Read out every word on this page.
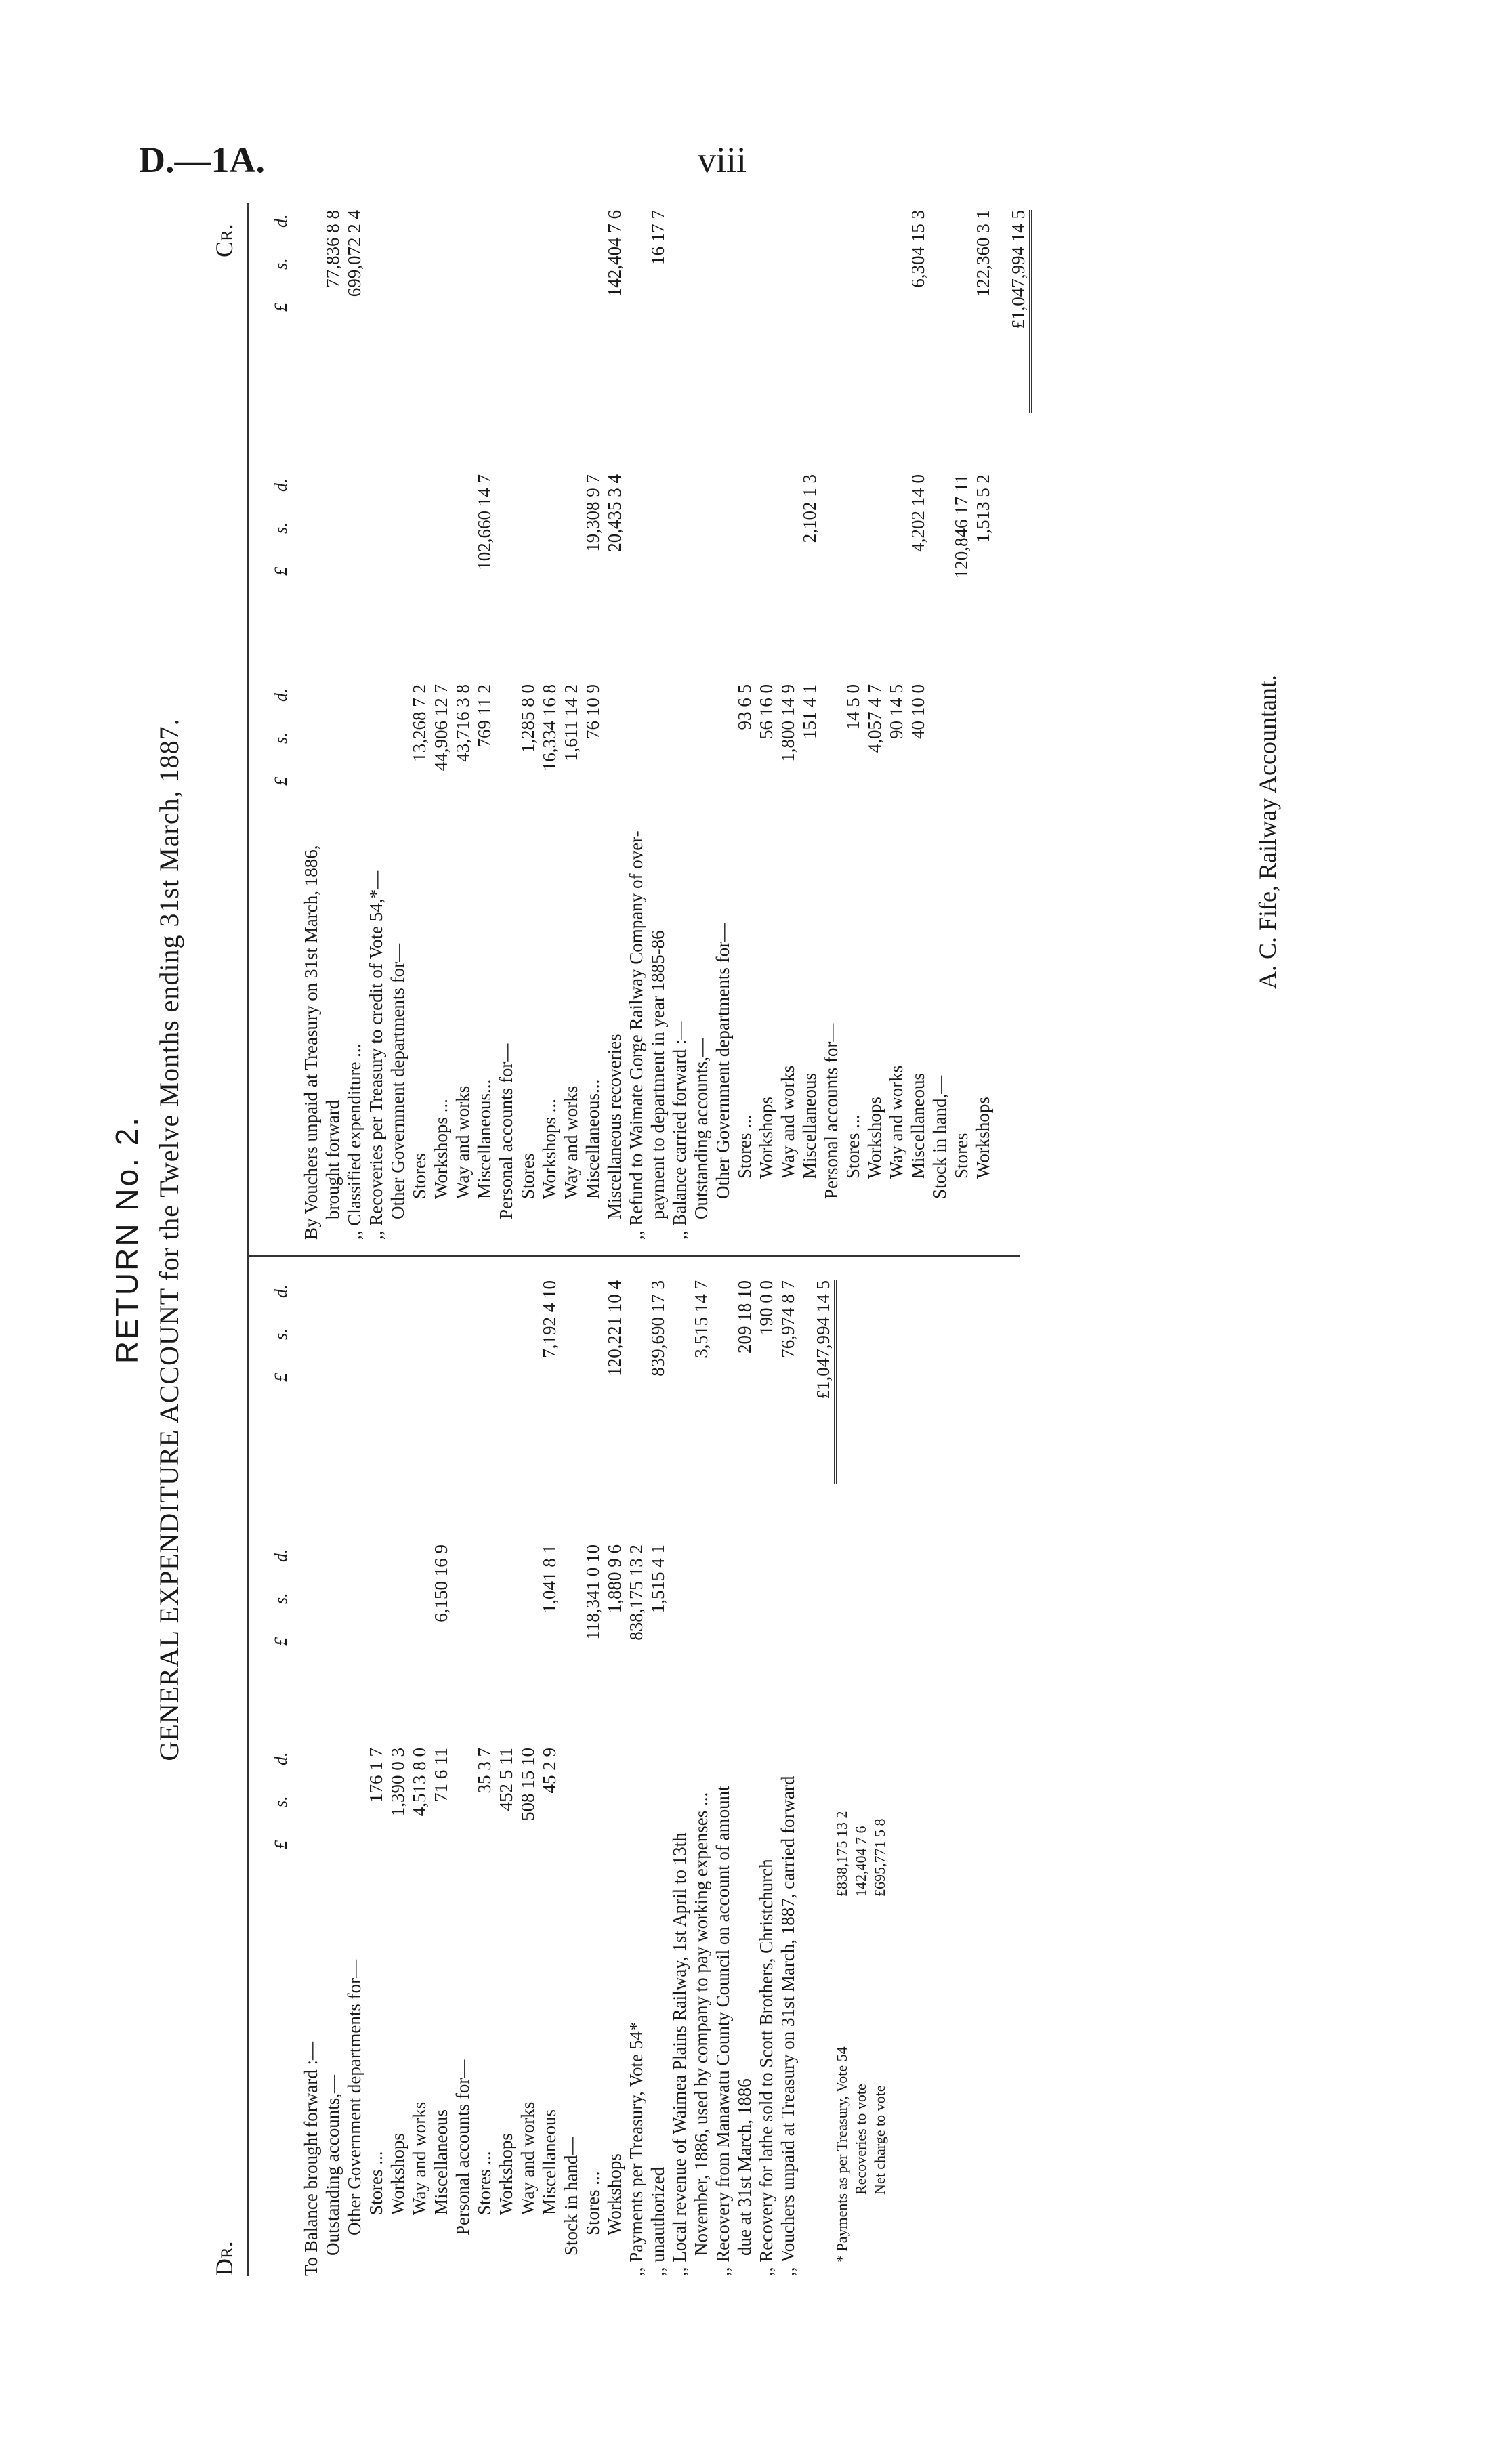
D.—1A.	viii
RETURN No. 2. GENERAL EXPENDITURE ACCOUNT for the Twelve Months ending 31st March, 1887.
Dr.
Cr.
£
s.
d.
£
s.
d.
£
s.
d.
To Balance brought forward :— Outstanding accounts,— Other Government departments for— Stores ...
176 1 7
Workshops
1,390 0 3
Way and works
4,513 8 0
Miscellaneous
71 6 11
6,150 16 9
Personal accounts for— Stores ...
35 3 7
Workshops
452 5 11
Way and works
508 15 10
Miscellaneous
45 2 9
1,041 8 1
7,192 4 10
Stock in hand— Stores ...
118,341 0 10
Workshops
1,880 9 6
120,221 10 4
,, Payments per Treasury, Vote 54*
838,175 13 2
,, unauthorized
1,515 4 1
839,690 17 3
,, Local revenue of Waimea Plains Railway, 1st April to 13th November, 1886, used by company to pay working expenses ...
3,515 14 7
,, Recovery from Manawatu County Council on account of amount due at 31st March, 1886
209 18 10
,, Recovery for lathe sold to Scott Brothers, Christchurch
190 0 0
,, Vouchers unpaid at Treasury on 31st March, 1887, carried forward
76,974 8 7 £1,047,994 14 5
* Payments as per Treasury, Vote 54
£838,175 13 2
Recoveries to vote
142,404 7 6
Net charge to vote
£695,771 5 8
£
s.
d.
£
s.
d.
£
s.
d.
By Vouchers unpaid at Treasury on 31st March, 1886, brought forward
77,836 8 8
,, Classified expenditure ...
699,072 2 4
,, Recoveries per Treasury to credit of Vote 54,*— Other Government departments for— Stores
13,268 7 2
Workshops ...
44,906 12 7
Way and works
43,716 3 8
Miscellaneous...
769 11 2
102,660 14 7
Personal accounts for— Stores
1,285 8 0
Workshops ...
16,334 16 8
Way and works
1,611 14 2
Miscellaneous...
76 10 9
19,308 9 7
Miscellaneous recoveries
20,435 3 4
142,404 7 6
,, Refund to Waimate Gorge Railway Company of over- payment to department in year 1885-86
16 17 7
,, Balance carried forward :— Outstanding accounts,— Other Government departments for— Stores ...
93 6 5
Workshops
56 16 0
Way and works
1,800 14 9
Miscellaneous
151 4 1
2,102 1 3
Personal accounts for— Stores ...
14 5 0
Workshops
4,057 4 7
Way and works
90 14 5
Miscellaneous
40 10 0
4,202 14 0
6,304 15 3
Stock in hand,— Stores
120,846 17 11
Workshops
1,513 5 2
122,360 3 1 £1,047,994 14 5
A. C. Fife, Railway Accountant.
